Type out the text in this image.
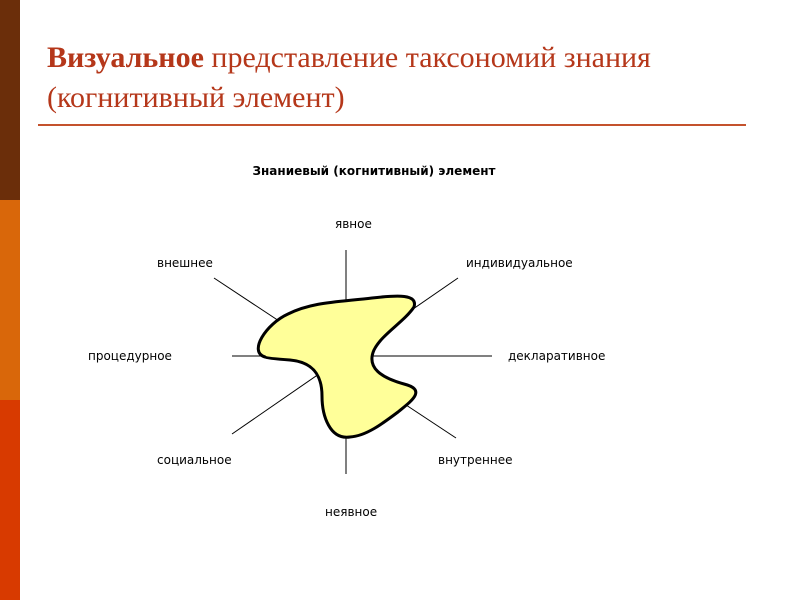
Визуальное представление таксономий знания (когнитивный элемент)
Знаниевый (когнитивный) элемент
явное
индивидуальное
декларативное
внутреннее
неявное
социальное
процедурное
внешнее
